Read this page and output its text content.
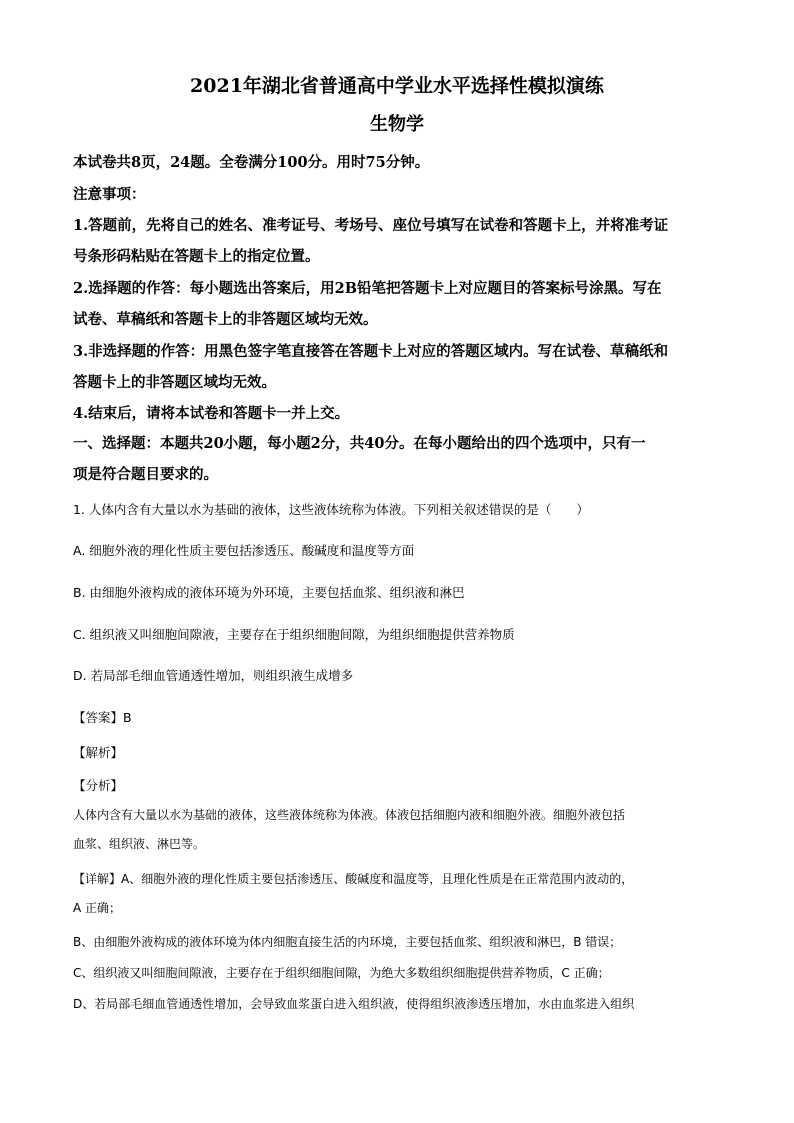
2021年湖北省普通高中学业水平选择性模拟演练
生物学
本试卷共8页，24题。全卷满分100分。用时75分钟。
注意事项：
1.答题前，先将自己的姓名、准考证号、考场号、座位号填写在试卷和答题卡上，并将准考证
号条形码粘贴在答题卡上的指定位置。
2.选择题的作答：每小题选出答案后，用2B铅笔把答题卡上对应题目的答案标号涂黑。写在
试卷、草稿纸和答题卡上的非答题区域均无效。
3.非选择题的作答：用黑色签字笔直接答在答题卡上对应的答题区域内。写在试卷、草稿纸和
答题卡上的非答题区域均无效。
4.结束后，请将本试卷和答题卡一并上交。
一、选择题：本题共20小题，每小题2分，共40分。在每小题给出的四个选项中，只有一
项是符合题目要求的。
1. 人体内含有大量以水为基础的液体，这些液体统称为体液。下列相关叙述错误的是（　　）
A. 细胞外液的理化性质主要包括渗透压、酸碱度和温度等方面
B. 由细胞外液构成的液体环境为外环境，主要包括血浆、组织液和淋巴
C. 组织液又叫细胞间隙液，主要存在于组织细胞间隙，为组织细胞提供营养物质
D. 若局部毛细血管通透性增加，则组织液生成增多
【答案】B
【解析】
【分析】
人体内含有大量以水为基础的液体，这些液体统称为体液。体液包括细胞内液和细胞外液。细胞外液包括
血浆、组织液、淋巴等。
【详解】A、细胞外液的理化性质主要包括渗透压、酸碱度和温度等，且理化性质是在正常范围内波动的，
A 正确；
B、由细胞外液构成的液体环境为体内细胞直接生活的内环境，主要包括血浆、组织液和淋巴，B 错误；
C、组织液又叫细胞间隙液，主要存在于组织细胞间隙，为绝大多数组织细胞提供营养物质，C 正确；
D、若局部毛细血管通透性增加，会导致血浆蛋白进入组织液，使得组织液渗透压增加，水由血浆进入组织
